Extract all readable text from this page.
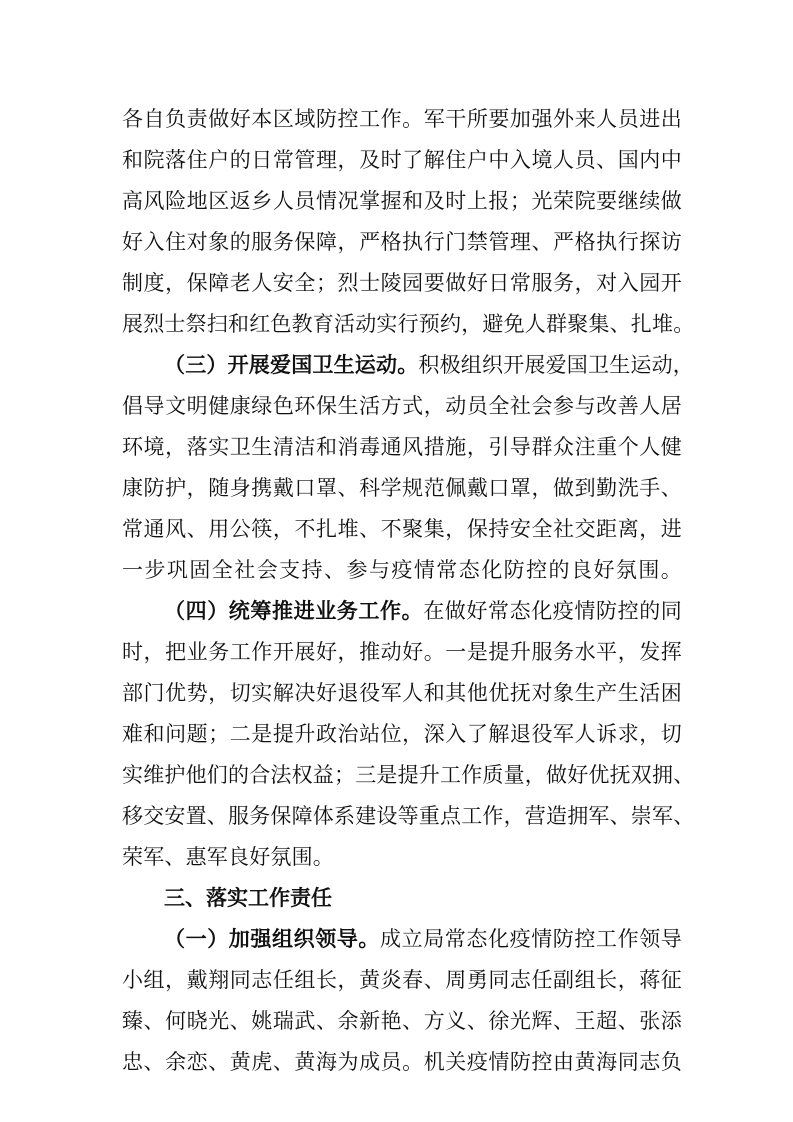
各自负责做好本区域防控工作。军干所要加强外来人员进出
和院落住户的日常管理，及时了解住户中入境人员、国内中
高风险地区返乡人员情况掌握和及时上报；光荣院要继续做
好入住对象的服务保障，严格执行门禁管理、严格执行探访
制度，保障老人安全；烈士陵园要做好日常服务，对入园开
展烈士祭扫和红色教育活动实行预约，避免人群聚集、扎堆。
（三）开展爱国卫生运动。积极组织开展爱国卫生运动，
倡导文明健康绿色环保生活方式，动员全社会参与改善人居
环境，落实卫生清洁和消毒通风措施，引导群众注重个人健
康防护，随身携戴口罩、科学规范佩戴口罩，做到勤洗手、
常通风、用公筷，不扎堆、不聚集，保持安全社交距离，进
一步巩固全社会支持、参与疫情常态化防控的良好氛围。
（四）统筹推进业务工作。在做好常态化疫情防控的同
时，把业务工作开展好，推动好。一是提升服务水平，发挥
部门优势，切实解决好退役军人和其他优抚对象生产生活困
难和问题；二是提升政治站位，深入了解退役军人诉求，切
实维护他们的合法权益；三是提升工作质量，做好优抚双拥、
移交安置、服务保障体系建设等重点工作，营造拥军、崇军、
荣军、惠军良好氛围。
三、落实工作责任
（一）加强组织领导。成立局常态化疫情防控工作领导
小组，戴翔同志任组长，黄炎春、周勇同志任副组长，蒋征
臻、何晓光、姚瑞武、余新艳、方义、徐光辉、王超、张添
忠、余恋、黄虎、黄海为成员。机关疫情防控由黄海同志负
